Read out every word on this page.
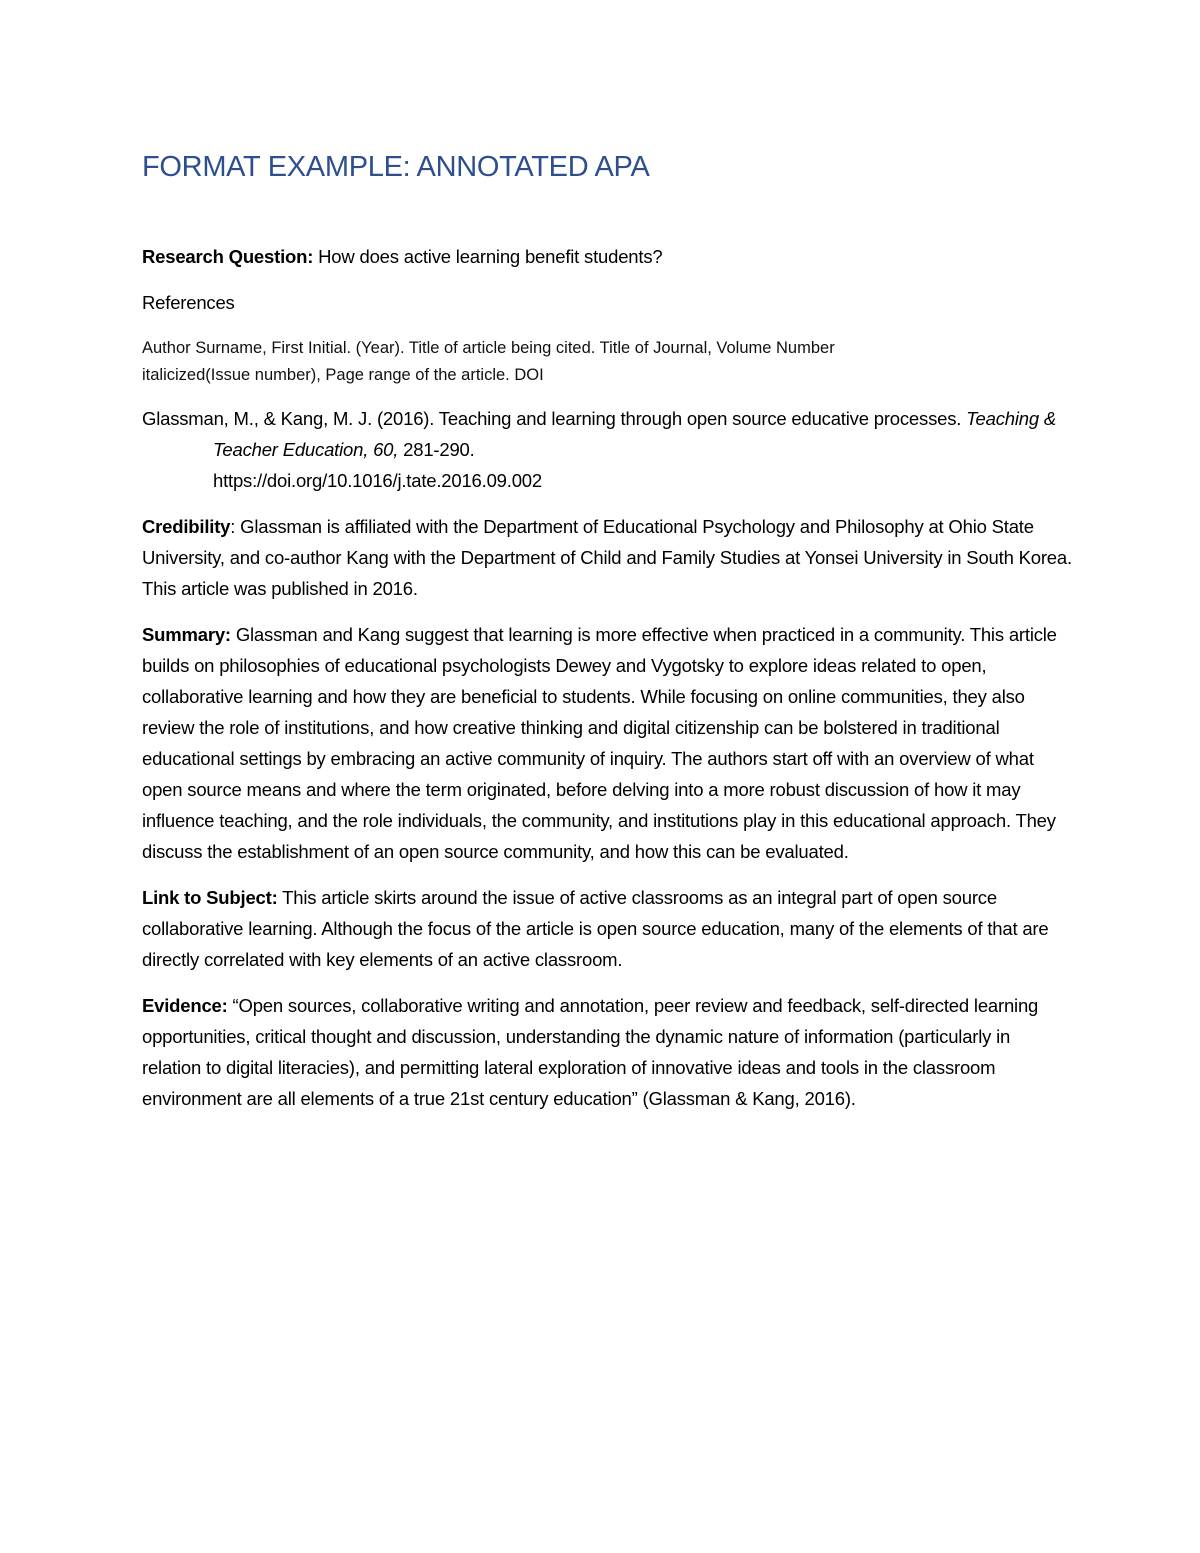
FORMAT EXAMPLE: ANNOTATED APA

Research Question: How does active learning benefit students?

References

Author Surname, First Initial. (Year). Title of article being cited. Title of Journal, Volume Number
italicized(Issue number), Page range of the article. DOI

Glassman, M., & Kang, M. J. (2016). Teaching and learning through open source educative processes. Teaching & Teacher Education, 60, 281-290.
https://doi.org/10.1016/j.tate.2016.09.002

Credibility: Glassman is affiliated with the Department of Educational Psychology and Philosophy at Ohio State University, and co-author Kang with the Department of Child and Family Studies at Yonsei University in South Korea. This article was published in 2016.

Summary: Glassman and Kang suggest that learning is more effective when practiced in a community. This article builds on philosophies of educational psychologists Dewey and Vygotsky to explore ideas related to open, collaborative learning and how they are beneficial to students. While focusing on online communities, they also review the role of institutions, and how creative thinking and digital citizenship can be bolstered in traditional educational settings by embracing an active community of inquiry. The authors start off with an overview of what open source means and where the term originated, before delving into a more robust discussion of how it may influence teaching, and the role individuals, the community, and institutions play in this educational approach. They discuss the establishment of an open source community, and how this can be evaluated.

Link to Subject: This article skirts around the issue of active classrooms as an integral part of open source collaborative learning. Although the focus of the article is open source education, many of the elements of that are directly correlated with key elements of an active classroom.

Evidence: “Open sources, collaborative writing and annotation, peer review and feedback, self-directed learning opportunities, critical thought and discussion, understanding the dynamic nature of information (particularly in relation to digital literacies), and permitting lateral exploration of innovative ideas and tools in the classroom environment are all elements of a true 21st century education” (Glassman & Kang, 2016).
